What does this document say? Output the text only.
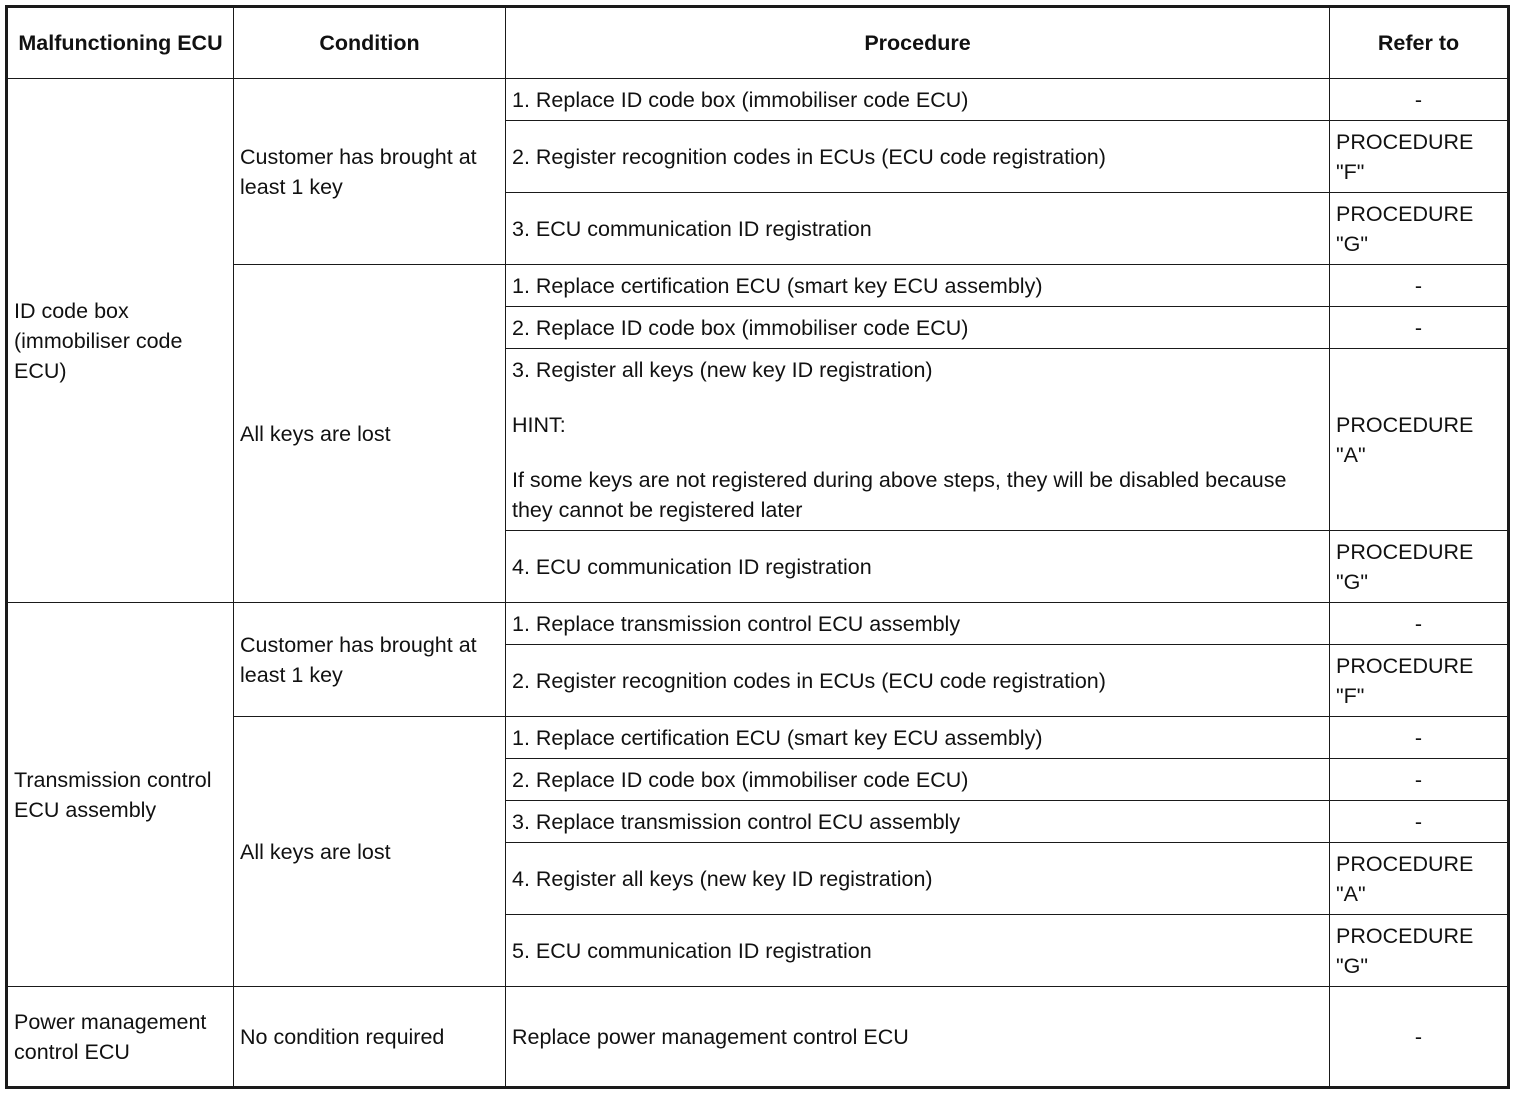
Malfunctioning ECU	Condition	Procedure	Refer to
ID code box (immobiliser code ECU)	Customer has brought at least 1 key	1. Replace ID code box (immobiliser code ECU)	-
		2. Register recognition codes in ECUs (ECU code registration)	PROCEDURE "F"
		3. ECU communication ID registration	PROCEDURE "G"
	All keys are lost	1. Replace certification ECU (smart key ECU assembly)	-
		2. Replace ID code box (immobiliser code ECU)	-

		3. Register all keys (new key ID registration)
HINT:
If some keys are not registered during above steps, they will be disabled because they cannot be registered later	PROCEDURE "A"
		4. ECU communication ID registration	PROCEDURE "G"
Transmission control ECU assembly	Customer has brought at least 1 key	1. Replace transmission control ECU assembly	-
		2. Register recognition codes in ECUs (ECU code registration)	PROCEDURE "F"
	All keys are lost	1. Replace certification ECU (smart key ECU assembly)	-
		2. Replace ID code box (immobiliser code ECU)	-
		3. Replace transmission control ECU assembly	-
		4. Register all keys (new key ID registration)	PROCEDURE "A"
		5. ECU communication ID registration	PROCEDURE "G"
Power management control ECU	No condition required	Replace power management control ECU	-
